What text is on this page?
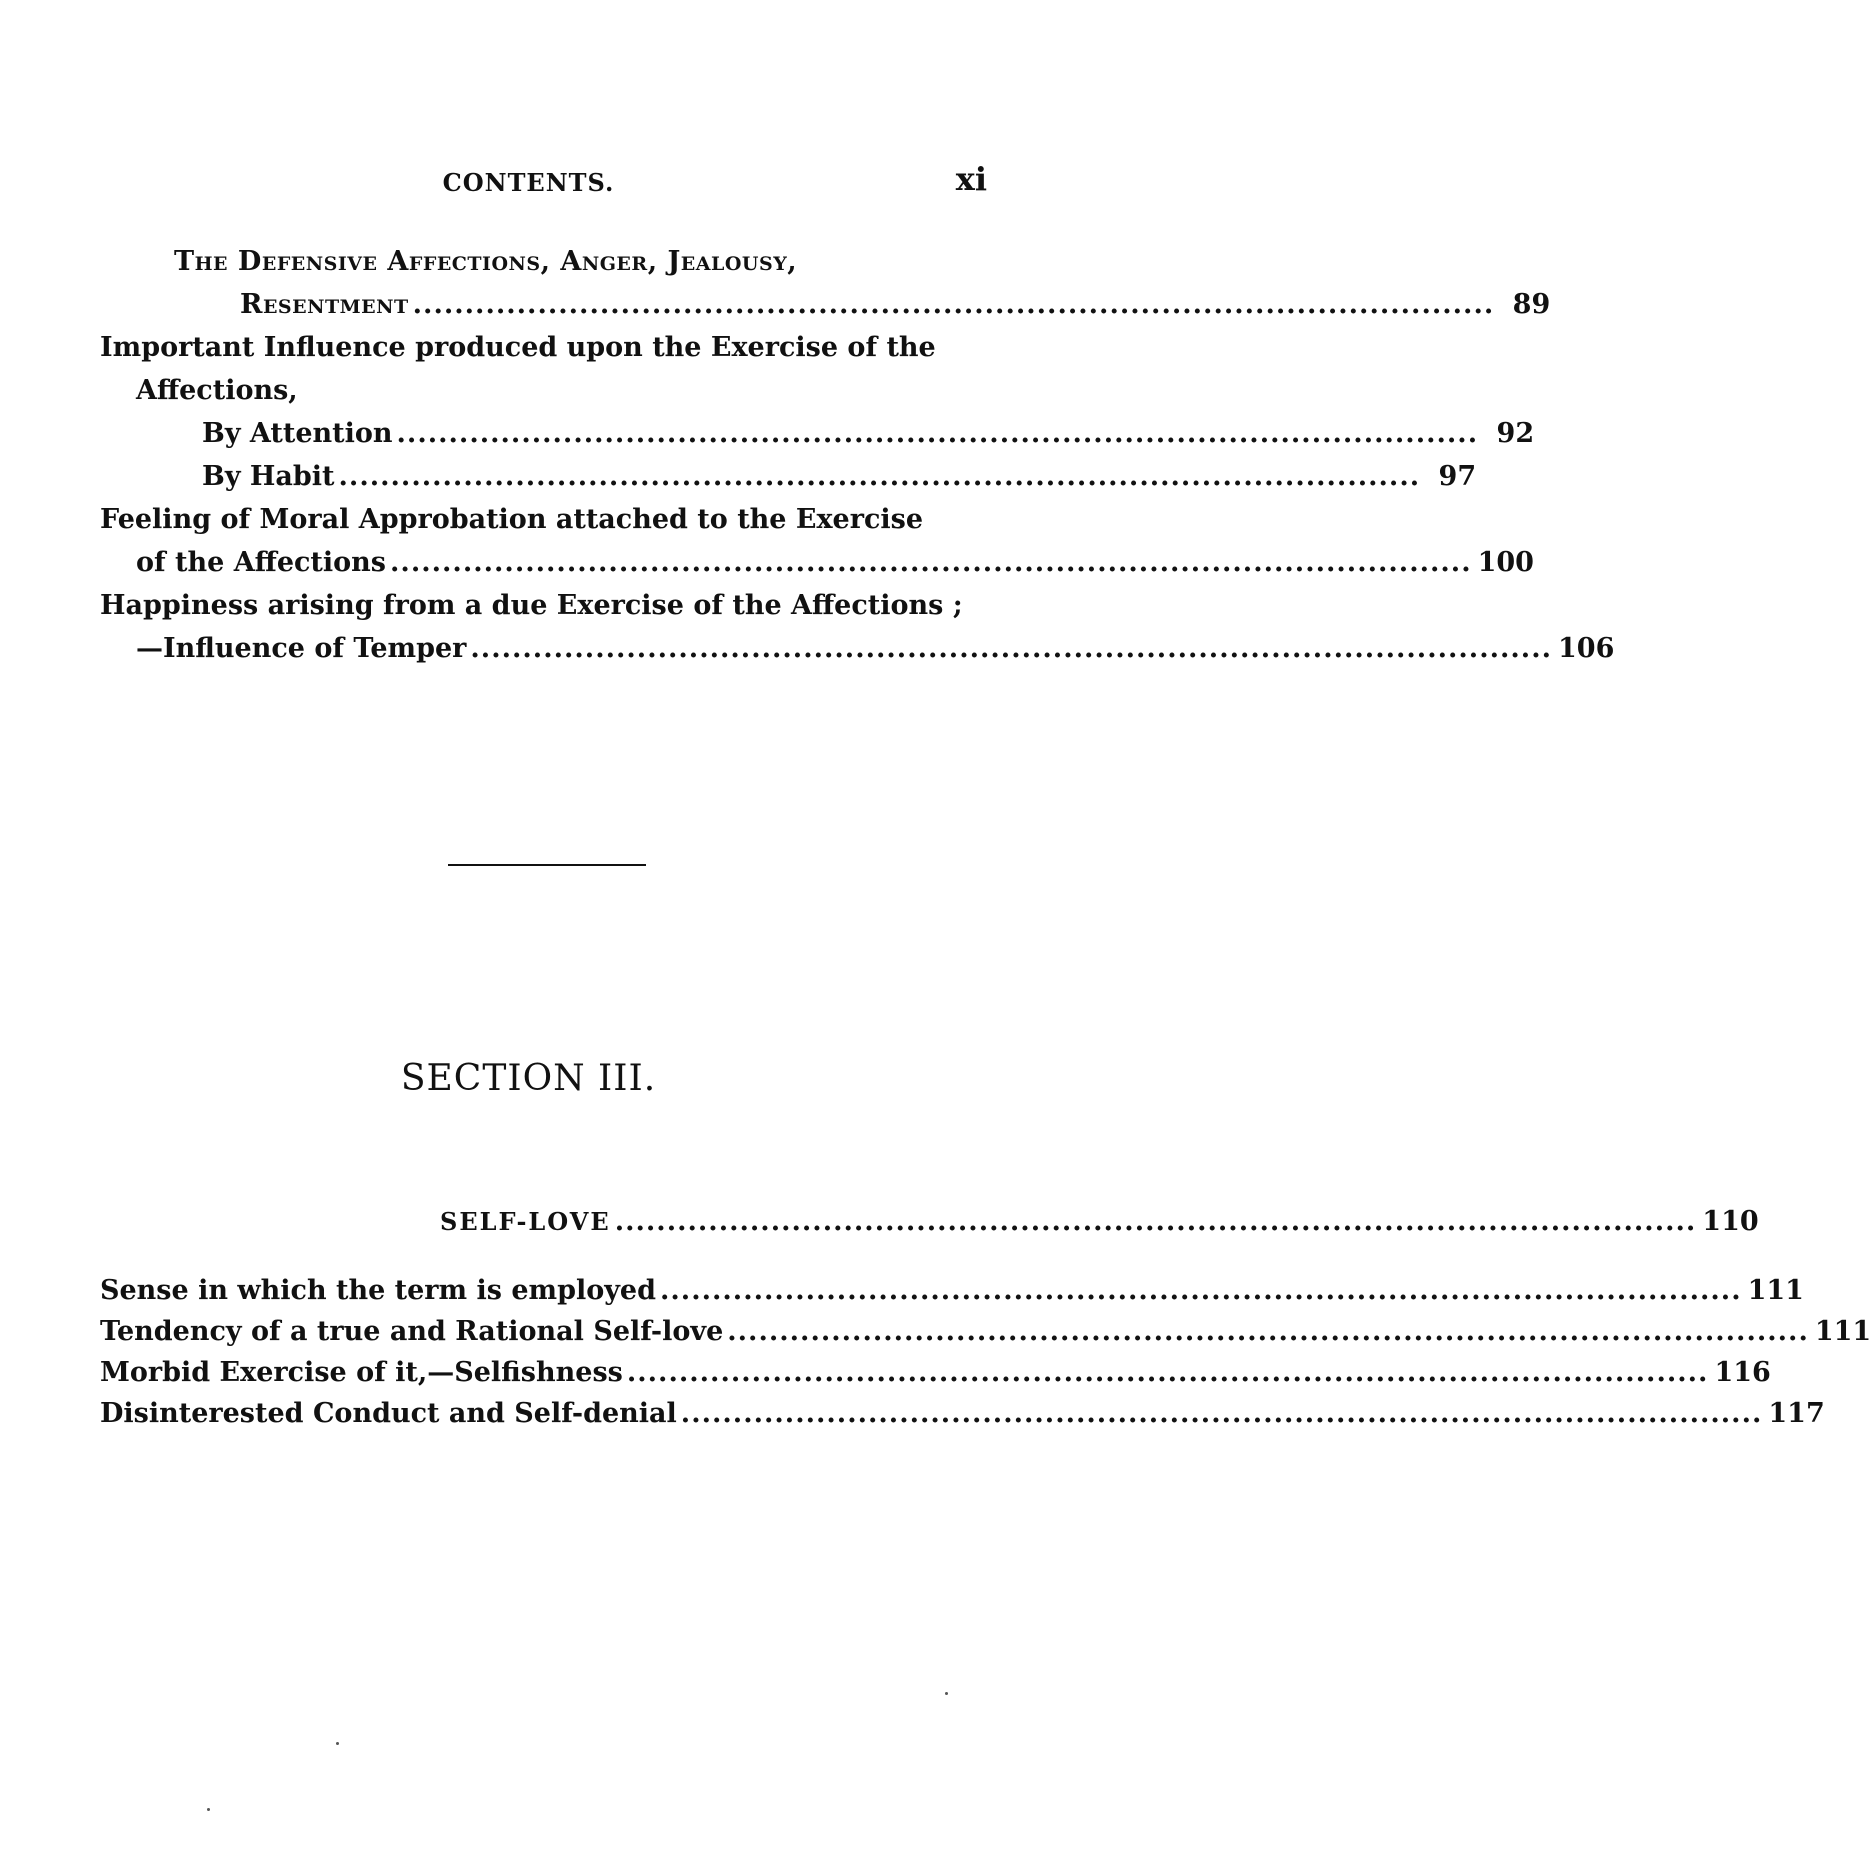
CONTENTS.	xi
The Defensive Affections, Anger, Jealousy,
Resentment ........................................................................................................ 89
Important Influence produced upon the Exercise of the
Affections,
By Attention ........................................................................................................ 92
By Habit ........................................................................................................ 97
Feeling of Moral Approbation attached to the Exercise
of the Affections ........................................................................................................ 100
Happiness arising from a due Exercise of the Affections ;
—Influence of Temper ........................................................................................................ 106
SECTION III.
SELF-LOVE ........................................................................................................ 110
Sense in which the term is employed ........................................................................................................ 111
Tendency of a true and Rational Self-love ........................................................................................................ 111
Morbid Exercise of it,—Selfishness ........................................................................................................ 116
Disinterested Conduct and Self-denial ........................................................................................................ 117
